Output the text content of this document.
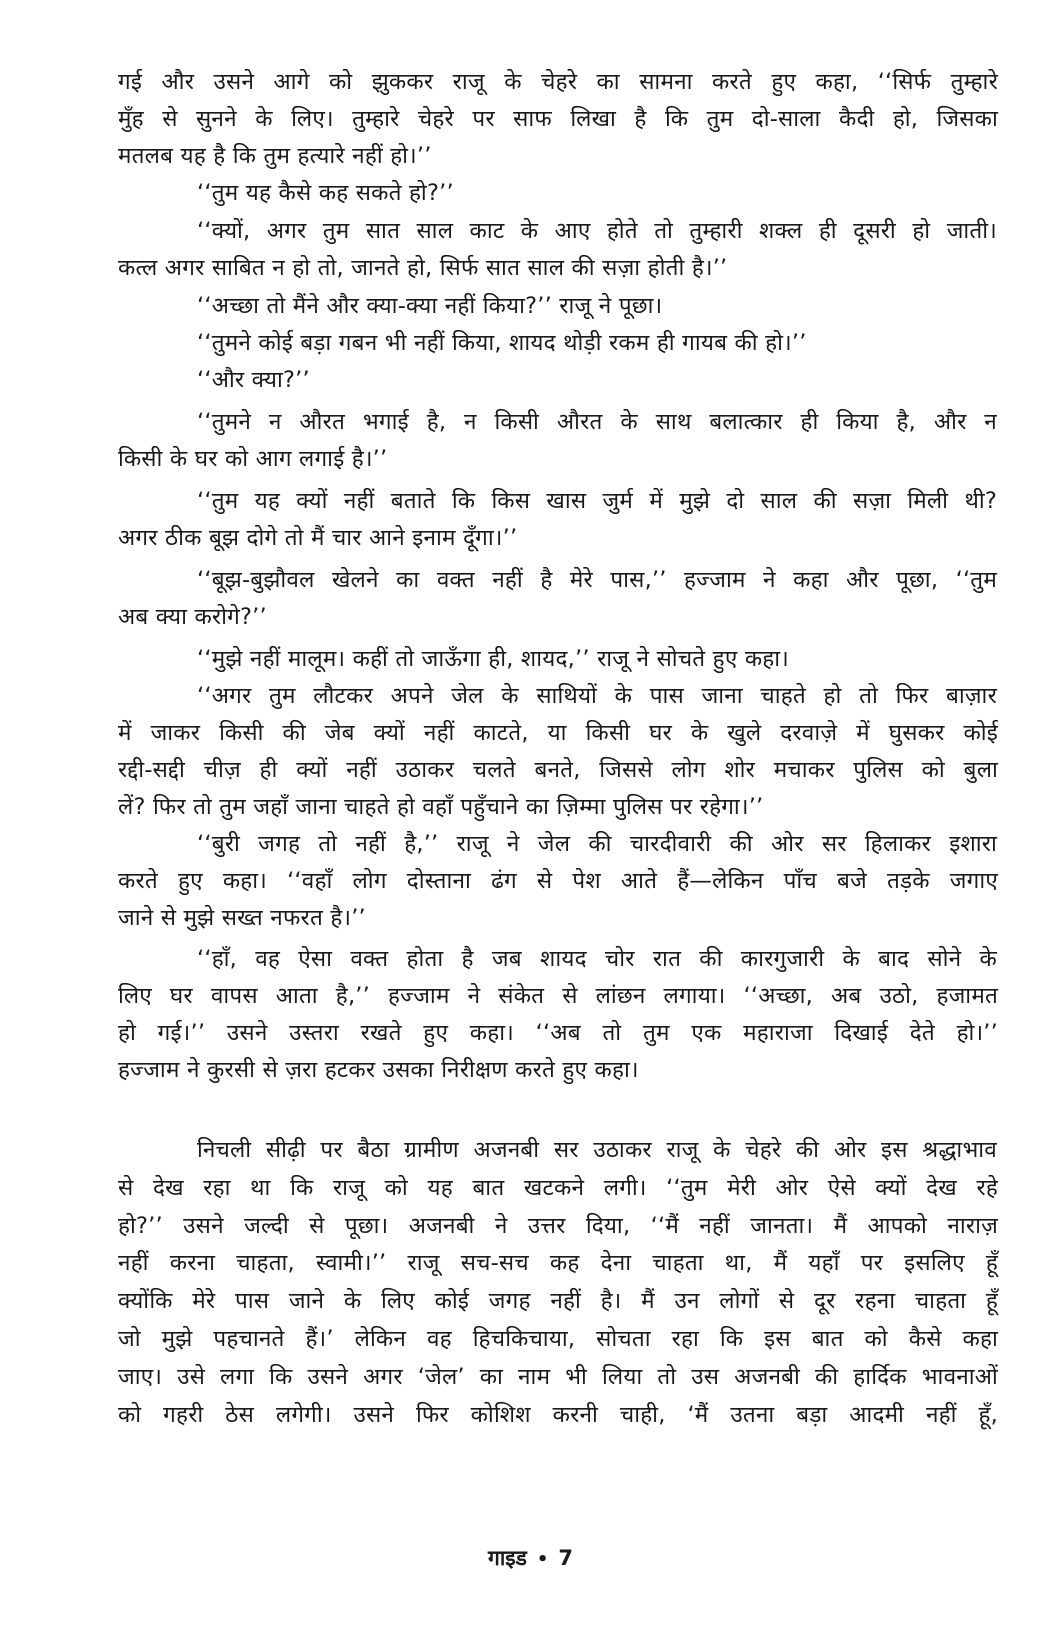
गई और उसने आगे को झुककर राजू के चेहरे का सामना करते हुए कहा, ‘‘सिर्फ तुम्हारे
मुँह से सुनने के लिए। तुम्हारे चेहरे पर साफ लिखा है कि तुम दो-साला कैदी हो, जिसका
मतलब यह है कि तुम हत्यारे नहीं हो।’’
‘‘तुम यह कैसे कह सकते हो?’’
‘‘क्यों, अगर तुम सात साल काट के आए होते तो तुम्हारी शक्ल ही दूसरी हो जाती।
कत्ल अगर साबित न हो तो, जानते हो, सिर्फ सात साल की सज़ा होती है।’’
‘‘अच्छा तो मैंने और क्या-क्या नहीं किया?’’ राजू ने पूछा।
‘‘तुमने कोई बड़ा गबन भी नहीं किया, शायद थोड़ी रकम ही गायब की हो।’’
‘‘और क्या?’’
‘‘तुमने न औरत भगाई है, न किसी औरत के साथ बलात्कार ही किया है, और न
किसी के घर को आग लगाई है।’’
‘‘तुम यह क्यों नहीं बताते कि किस खास जुर्म में मुझे दो साल की सज़ा मिली थी?
अगर ठीक बूझ दोगे तो मैं चार आने इनाम दूँगा।’’
‘‘बूझ-बुझौवल खेलने का वक्त नहीं है मेरे पास,’’ हज्जाम ने कहा और पूछा, ‘‘तुम
अब क्या करोगे?’’
‘‘मुझे नहीं मालूम। कहीं तो जाऊँगा ही, शायद,’’ राजू ने सोचते हुए कहा।
‘‘अगर तुम लौटकर अपने जेल के साथियों के पास जाना चाहते हो तो फिर बाज़ार
में जाकर किसी की जेब क्यों नहीं काटते, या किसी घर के खुले दरवाज़े में घुसकर कोई
रद्दी-सद्दी चीज़ ही क्यों नहीं उठाकर चलते बनते, जिससे लोग शोर मचाकर पुलिस को बुला
लें? फिर तो तुम जहाँ जाना चाहते हो वहाँ पहुँचाने का ज़िम्मा पुलिस पर रहेगा।’’
‘‘बुरी जगह तो नहीं है,’’ राजू ने जेल की चारदीवारी की ओर सर हिलाकर इशारा
करते हुए कहा। ‘‘वहाँ लोग दोस्ताना ढंग से पेश आते हैं—लेकिन पाँच बजे तड़के जगाए
जाने से मुझे सख्त नफरत है।’’
‘‘हाँ, वह ऐसा वक्त होता है जब शायद चोर रात की कारगुजारी के बाद सोने के
लिए घर वापस आता है,’’ हज्जाम ने संकेत से लांछन लगाया। ‘‘अच्छा, अब उठो, हजामत
हो गई।’’ उसने उस्तरा रखते हुए कहा। ‘‘अब तो तुम एक महाराजा दिखाई देते हो।’’
हज्जाम ने कुरसी से ज़रा हटकर उसका निरीक्षण करते हुए कहा।
निचली सीढ़ी पर बैठा ग्रामीण अजनबी सर उठाकर राजू के चेहरे की ओर इस श्रद्धाभाव
से देख रहा था कि राजू को यह बात खटकने लगी। ‘‘तुम मेरी ओर ऐसे क्यों देख रहे
हो?’’ उसने जल्दी से पूछा। अजनबी ने उत्तर दिया, ‘‘मैं नहीं जानता। मैं आपको नाराज़
नहीं करना चाहता, स्वामी।’’ राजू सच-सच कह देना चाहता था, मैं यहाँ पर इसलिए हूँ
क्योंकि मेरे पास जाने के लिए कोई जगह नहीं है। मैं उन लोगों से दूर रहना चाहता हूँ
जो मुझे पहचानते हैं।’ लेकिन वह हिचकिचाया, सोचता रहा कि इस बात को कैसे कहा
जाए। उसे लगा कि उसने अगर ‘जेल’ का नाम भी लिया तो उस अजनबी की हार्दिक भावनाओं
को गहरी ठेस लगेगी। उसने फिर कोशिश करनी चाही, ‘मैं उतना बड़ा आदमी नहीं हूँ,
गाइड • 7
